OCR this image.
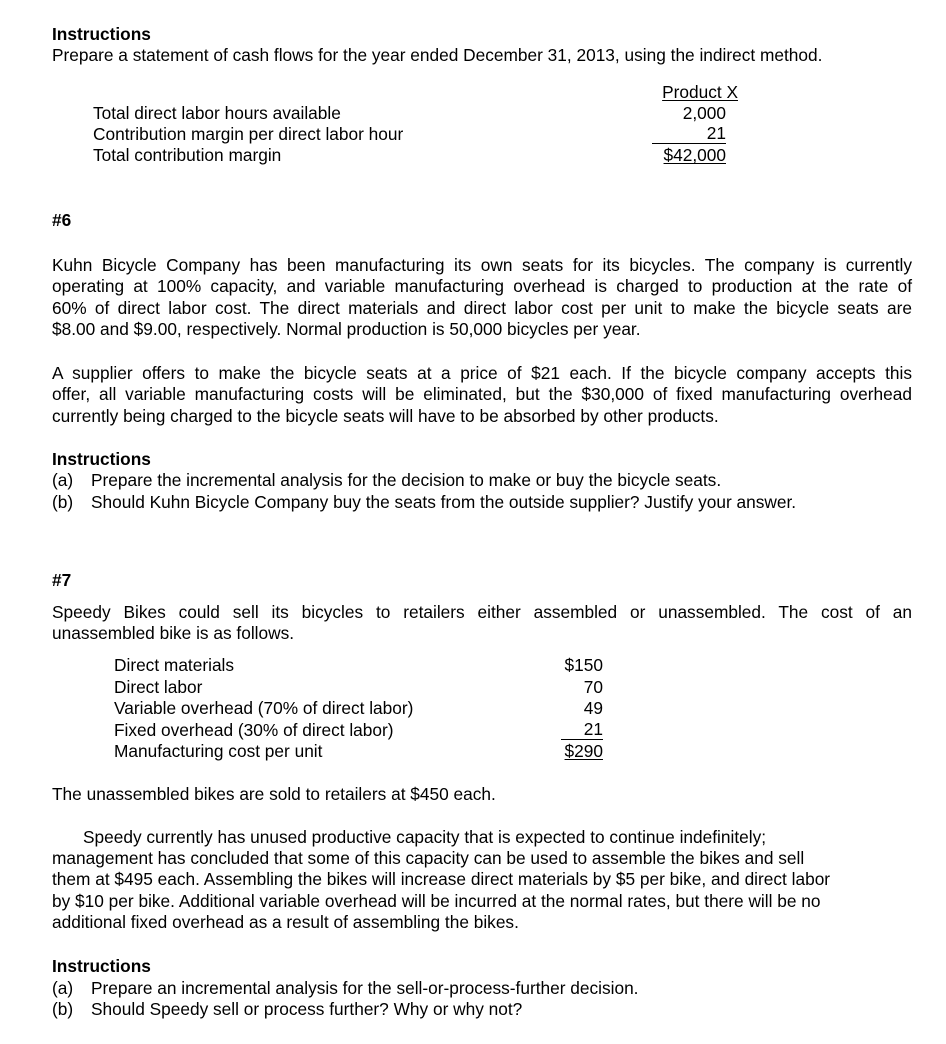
Instructions
Prepare a statement of cash flows for the year ended December 31, 2013, using the indirect method.
Product X
Total direct labor hours available	2,000
Contribution margin per direct labor hour	21
Total contribution margin	$42,000
#6
Kuhn Bicycle Company has been manufacturing its own seats for its bicycles. The company is currently
operating at 100% capacity, and variable manufacturing overhead is charged to production at the rate of
60% of direct labor cost. The direct materials and direct labor cost per unit to make the bicycle seats are
$8.00 and $9.00, respectively. Normal production is 50,000 bicycles per year.
A supplier offers to make the bicycle seats at a price of $21 each. If the bicycle company accepts this
offer, all variable manufacturing costs will be eliminated, but the $30,000 of fixed manufacturing overhead
currently being charged to the bicycle seats will have to be absorbed by other products.
Instructions
(a) Prepare the incremental analysis for the decision to make or buy the bicycle seats.
(b) Should Kuhn Bicycle Company buy the seats from the outside supplier? Justify your answer.
#7
Speedy Bikes could sell its bicycles to retailers either assembled or unassembled. The cost of an
unassembled bike is as follows.
Direct materials	$150
Direct labor	70
Variable overhead (70% of direct labor)	49
Fixed overhead (30% of direct labor)	21
Manufacturing cost per unit	$290
The unassembled bikes are sold to retailers at $450 each.
Speedy currently has unused productive capacity that is expected to continue indefinitely;
management has concluded that some of this capacity can be used to assemble the bikes and sell
them at $495 each. Assembling the bikes will increase direct materials by $5 per bike, and direct labor
by $10 per bike. Additional variable overhead will be incurred at the normal rates, but there will be no
additional fixed overhead as a result of assembling the bikes.
Instructions
(a) Prepare an incremental analysis for the sell-or-process-further decision.
(b) Should Speedy sell or process further? Why or why not?
